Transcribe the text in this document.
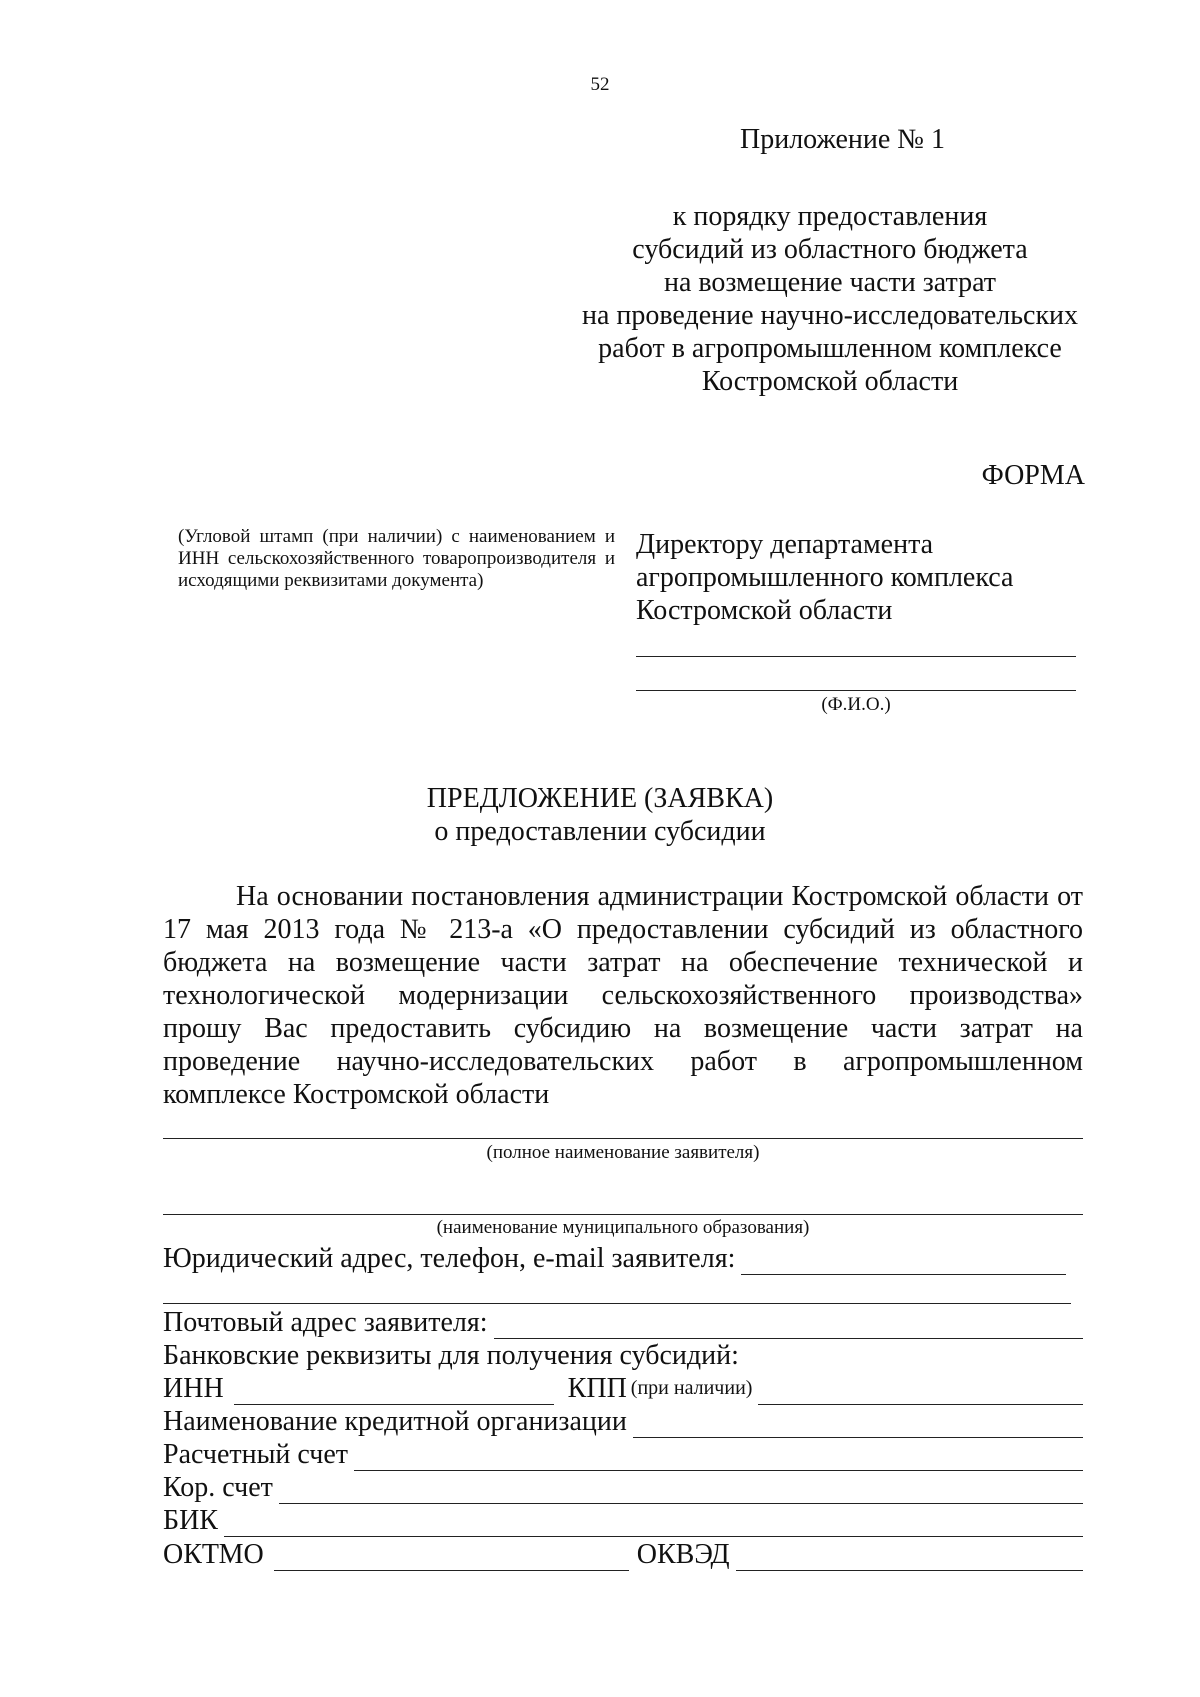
52
Приложение № 1
к порядку предоставления
субсидий из областного бюджета
на возмещение части затрат
на проведение научно-исследовательских
работ в агропромышленном комплексе
Костромской области
ФОРМА
(Угловой штамп (при наличии) с наименованием и ИНН сельскохозяйственного товаропроизводителя и исходящими реквизитами документа)
Директору департамента
агропромышленного комплекса
Костромской области
(Ф.И.О.)
ПРЕДЛОЖЕНИЕ (ЗАЯВКА)
о предоставлении субсидии
На основании постановления администрации Костромской области от 17 мая 2013 года № 213-а «О предоставлении субсидий из областного бюджета на возмещение части затрат на обеспечение технической и технологической модернизации сельскохозяйственного производства» прошу Вас предоставить субсидию на возмещение части затрат на проведение научно-исследовательских работ в агропромышленном комплексе Костромской области
(полное наименование заявителя)
(наименование муниципального образования)
Юридический адрес, телефон, e-mail заявителя:
Почтовый адрес заявителя:
Банковские реквизиты для получения субсидий:
ИНН	КПП (при наличии)
Наименование кредитной организации
Расчетный счет
Кор. счет
БИК
ОКТМО	ОКВЭД
